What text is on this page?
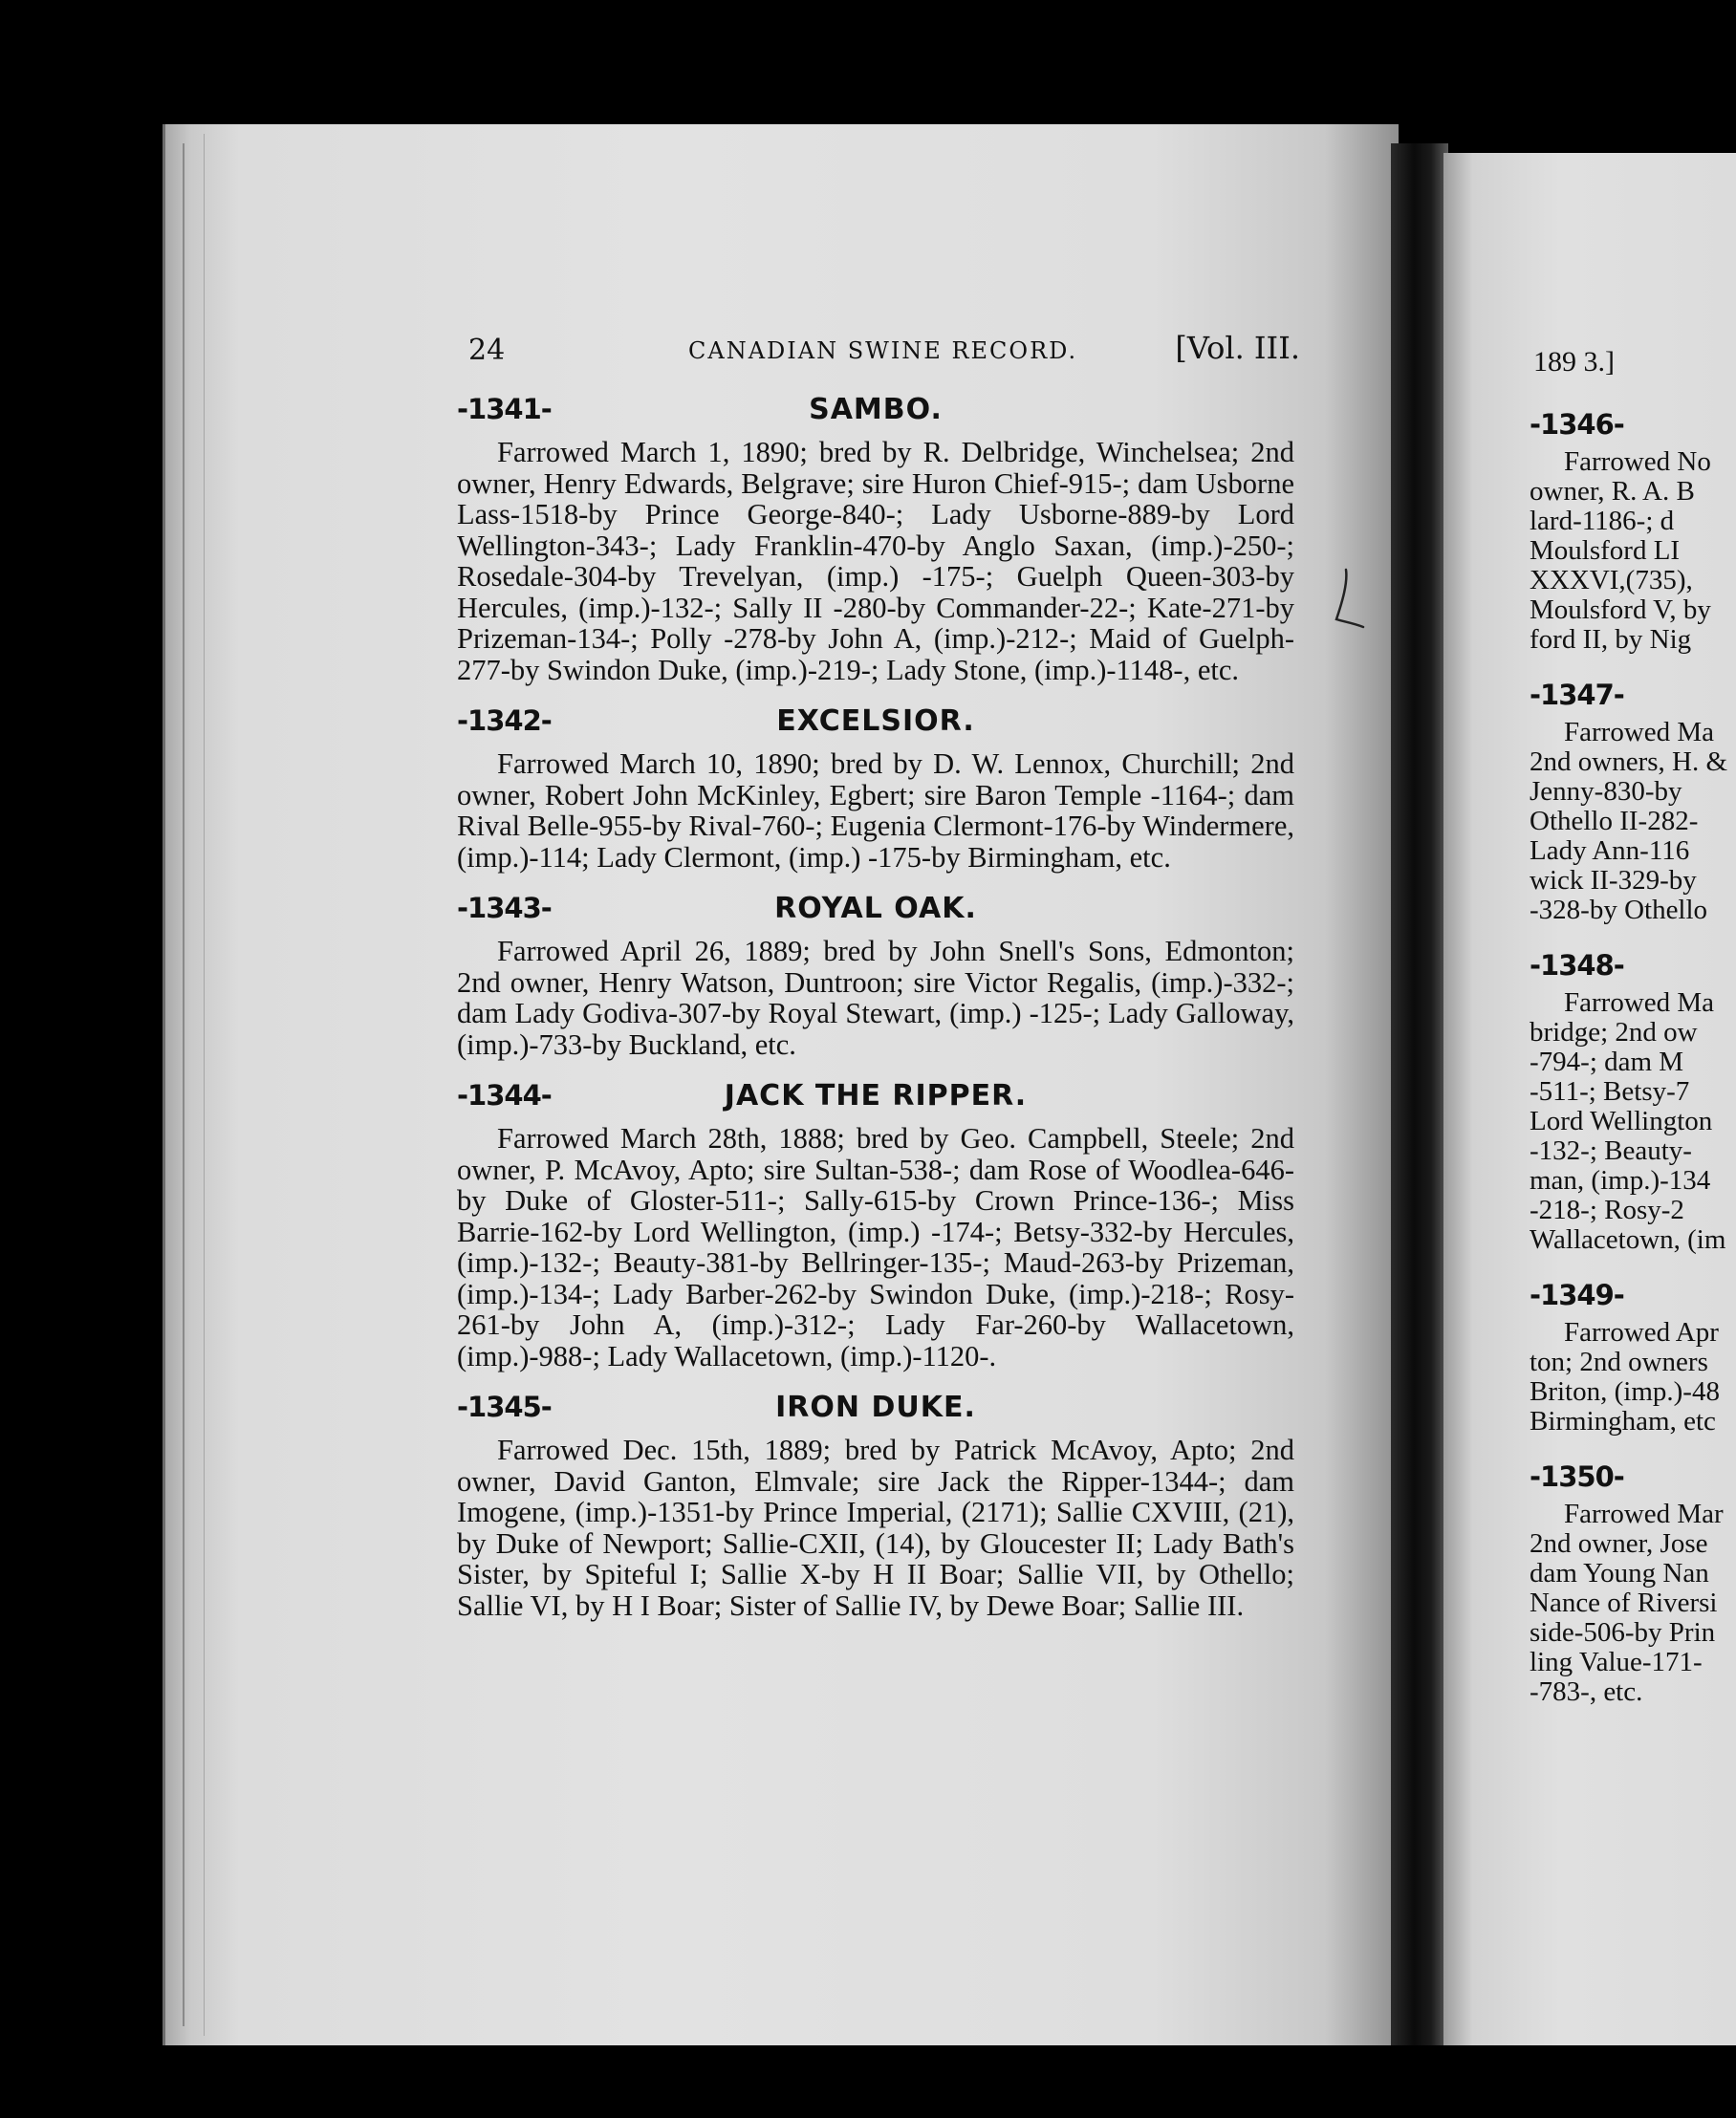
24	CANADIAN SWINE RECORD.	[Vol. III.
-1341-	SAMBO.

Farrowed March 1, 1890; bred by R. Delbridge, Winchelsea; 2nd owner, Henry Edwards, Belgrave; sire Huron Chief-915-; dam Usborne Lass-1518-by Prince George-840-; Lady Usborne-889-by Lord Wellington-343-; Lady Franklin-470-by Anglo Saxan, (imp.)-250-; Rosedale-304-by Trevelyan, (imp.) -175-; Guelph Queen-303-by Hercules, (imp.)-132-; Sally II -280-by Commander-22-; Kate-271-by Prizeman-134-; Polly -278-by John A, (imp.)-212-; Maid of Guelph-277-by Swindon Duke, (imp.)-219-; Lady Stone, (imp.)-1148-, etc.

-1342-	EXCELSIOR.

Farrowed March 10, 1890; bred by D. W. Lennox, Churchill; 2nd owner, Robert John McKinley, Egbert; sire Baron Temple -1164-; dam Rival Belle-955-by Rival-760-; Eugenia Clermont-176-by Windermere, (imp.)-114; Lady Clermont, (imp.) -175-by Birmingham, etc.

-1343-	ROYAL OAK.

Farrowed April 26, 1889; bred by John Snell's Sons, Edmonton; 2nd owner, Henry Watson, Duntroon; sire Victor Regalis, (imp.)-332-; dam Lady Godiva-307-by Royal Stewart, (imp.) -125-; Lady Galloway, (imp.)-733-by Buckland, etc.

-1344-	JACK THE RIPPER.

Farrowed March 28th, 1888; bred by Geo. Campbell, Steele; 2nd owner, P. McAvoy, Apto; sire Sultan-538-; dam Rose of Woodlea-646-by Duke of Gloster-511-; Sally-615-by Crown Prince-136-; Miss Barrie-162-by Lord Wellington, (imp.) -174-; Betsy-332-by Hercules, (imp.)-132-; Beauty-381-by Bellringer-135-; Maud-263-by Prizeman, (imp.)-134-; Lady Barber-262-by Swindon Duke, (imp.)-218-; Rosy-261-by John A, (imp.)-312-; Lady Far-260-by Wallacetown, (imp.)-988-; Lady Wallacetown, (imp.)-1120-.

-1345-	IRON DUKE.

Farrowed Dec. 15th, 1889; bred by Patrick McAvoy, Apto; 2nd owner, David Ganton, Elmvale; sire Jack the Ripper-1344-; dam Imogene, (imp.)-1351-by Prince Imperial, (2171); Sallie CXVIII, (21), by Duke of Newport; Sallie-CXII, (14), by Gloucester II; Lady Bath's Sister, by Spiteful I; Sallie X-by H II Boar; Sallie VII, by Othello; Sallie VI, by H I Boar; Sister of Sallie IV, by Dewe Boar; Sallie III.

189 3.]
-1346-
Farrowed No
owner, R. A. B
lard-1186-; d
Moulsford LI
XXXVI,(735),
Moulsford V, by
ford II, by Nig
-1347-
Farrowed Ma
2nd owners, H. &
Jenny-830-by
Othello II-282-
Lady Ann-116
wick II-329-by
-328-by Othello
-1348-
Farrowed Ma
bridge; 2nd ow
-794-; dam M
-511-; Betsy-7
Lord Wellington
-132-; Beauty-
man, (imp.)-134
-218-; Rosy-2
Wallacetown, (im
-1349-
Farrowed Apr
ton; 2nd owners
Briton, (imp.)-48
Birmingham, etc
-1350-
Farrowed Mar
2nd owner, Jose
dam Young Nan
Nance of Riversi
side-506-by Prin
ling Value-171-
-783-, etc.
